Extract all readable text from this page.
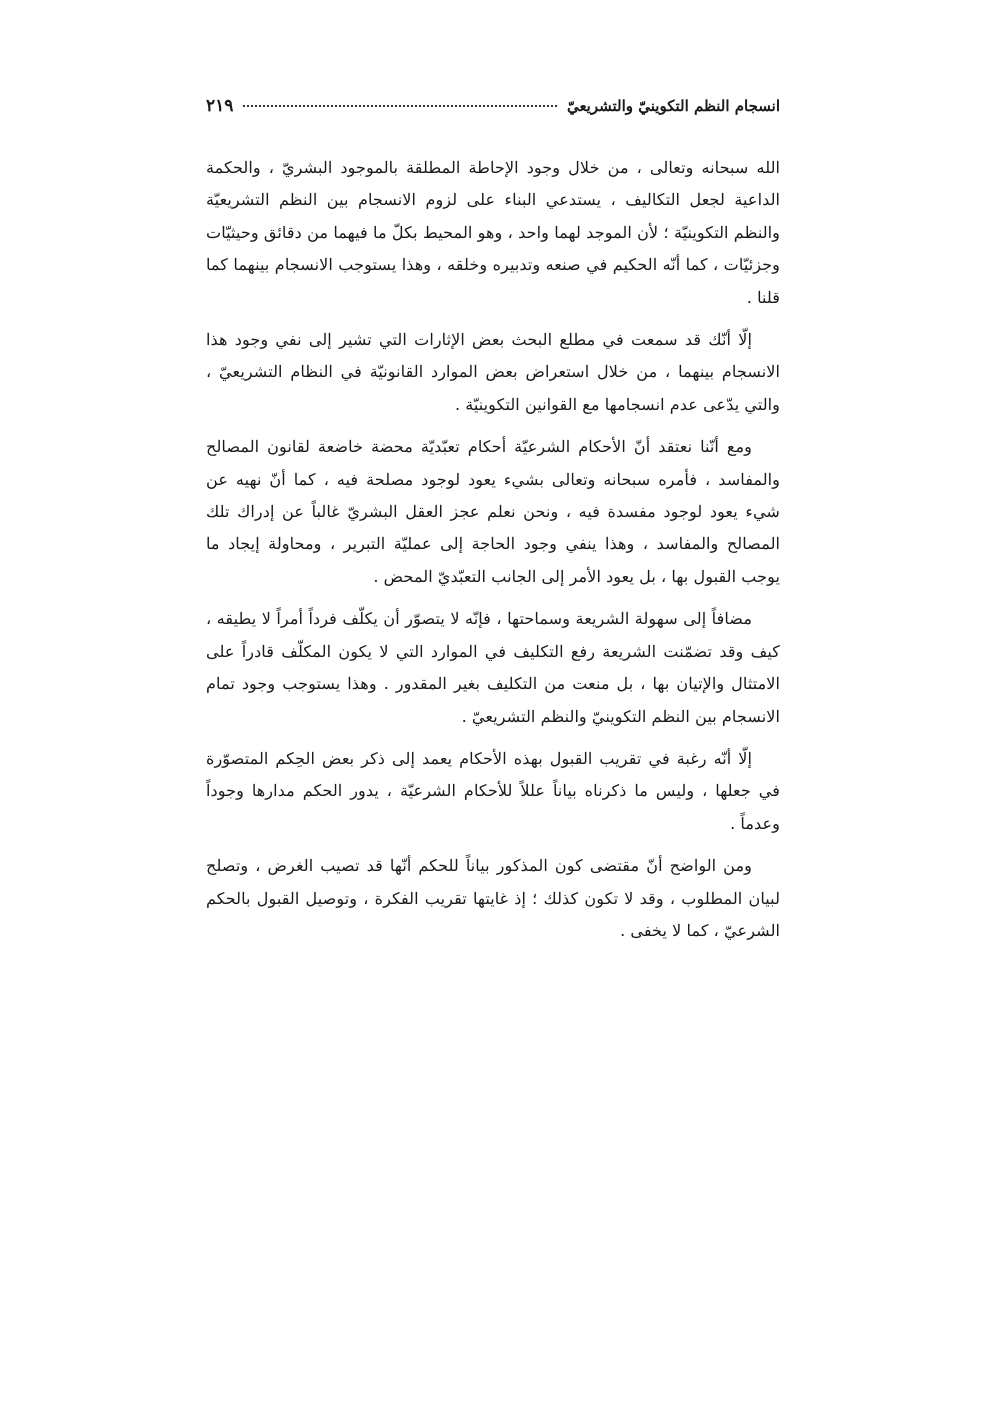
انسجام النظم التكوينيّ والتشريعيّ
٢١٩

الله سبحانه وتعالى ، من خلال وجود الإحاطة المطلقة بالموجود البشريّ ، والحكمة الداعية لجعل التكاليف ، يستدعي البناء على لزوم الانسجام بين النظم التشريعيّة والنظم التكوينيّة ؛ لأن الموجد لهما واحد ، وهو المحيط بكلّ ما فيهما من دقائق وحيثيّات وجزئيّات ، كما أنّه الحكيم في صنعه وتدبيره وخلقه ، وهذا يستوجب الانسجام بينهما كما قلنا .

إلّا أنّك قد سمعت في مطلع البحث بعض الإثارات التي تشير إلى نفي وجود هذا الانسجام بينهما ، من خلال استعراض بعض الموارد القانونيّة في النظام التشريعيّ ، والتي يدّعى عدم انسجامها مع القوانين التكوينيّة .

ومع أنّنا نعتقد أنّ الأحكام الشرعيّة أحكام تعبّديّة محضة خاضعة لقانون المصالح والمفاسد ، فأمره سبحانه وتعالى بشيء يعود لوجود مصلحة فيه ، كما أنّ نهيه عن شيء يعود لوجود مفسدة فيه ، ونحن نعلم عجز العقل البشريّ غالباً عن إدراك تلك المصالح والمفاسد ، وهذا ينفي وجود الحاجة إلى عمليّة التبرير ، ومحاولة إيجاد ما يوجب القبول بها ، بل يعود الأمر إلى الجانب التعبّديّ المحض .

مضافاً إلى سهولة الشريعة وسماحتها ، فإنّه لا يتصوّر أن يكلّف فرداً أمراً لا يطيقه ، كيف وقد تضمّنت الشريعة رفع التكليف في الموارد التي لا يكون المكلّف قادراً على الامتثال والإتيان بها ، بل منعت من التكليف بغير المقدور . وهذا يستوجب وجود تمام الانسجام بين النظم التكوينيّ والنظم التشريعيّ .

إلّا أنّه رغبة في تقريب القبول بهذه الأحكام يعمد إلى ذكر بعض الحِكم المتصوّرة في جعلها ، وليس ما ذكرناه بياناً عللاً للأحكام الشرعيّة ، يدور الحكم مدارها وجوداً وعدماً .

ومن الواضح أنّ مقتضى كون المذكور بياناً للحكم أنّها قد تصيب الغرض ، وتصلح لبيان المطلوب ، وقد لا تكون كذلك ؛ إذ غايتها تقريب الفكرة ، وتوصيل القبول بالحكم الشرعيّ ، كما لا يخفى .
